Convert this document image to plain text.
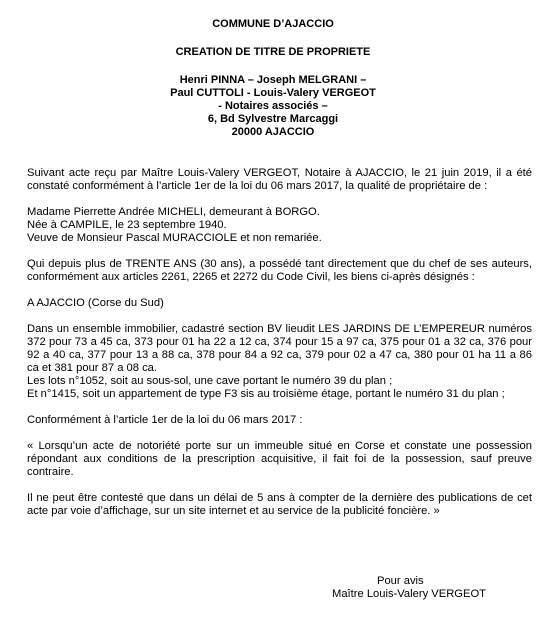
COMMUNE D’AJACCIO
CREATION DE TITRE DE PROPRIETE
Henri PINNA – Joseph MELGRANI –
Paul CUTTOLI - Louis-Valery VERGEOT
- Notaires associés –
6, Bd Sylvestre Marcaggi
20000 AJACCIO

Suivant acte reçu par Maître Louis-Valery VERGEOT, Notaire à AJACCIO, le 21 juin 2019, il a été constaté conformément à l’article 1er de la loi du 06 mars 2017, la qualité de propriétaire de :

Madame Pierrette Andrée MICHELI, demeurant à BORGO.

Née à CAMPILE, le 23 septembre 1940.

Veuve de Monsieur Pascal MURACCIOLE et non remariée.

Qui depuis plus de TRENTE ANS (30 ans), a possédé tant directement que du chef de ses auteurs, conformément aux articles 2261, 2265 et 2272 du Code Civil, les biens ci-après désignés :

A AJACCIO (Corse du Sud)

Dans un ensemble immobilier, cadastré section BV lieudit LES JARDINS DE L’EMPEREUR numéros 372 pour 73 a 45 ca, 373 pour 01 ha 22 a 12 ca, 374 pour 15 a 97 ca, 375 pour 01 a 32 ca, 376 pour 92 a 40 ca, 377 pour 13 a 88 ca, 378 pour 84 a 92 ca, 379 pour 02 a 47 ca, 380 pour 01 ha 11 a 86 ca et 381 pour 87 a 08 ca.

Les lots n°1052, soit au sous-sol, une cave portant le numéro 39 du plan ;

Et n°1415, soit un appartement de type F3 sis au troisième étage, portant le numéro 31 du plan ;

Conformément à l’article 1er de la loi du 06 mars 2017 :

« Lorsqu’un acte de notoriété porte sur un immeuble situé en Corse et constate une possession répondant aux conditions de la prescription acquisitive, il fait foi de la possession, sauf preuve contraire.

Il ne peut être contesté que dans un délai de 5 ans à compter de la dernière des publications de cet acte par voie d’affichage, sur un site internet et au service de la publicité foncière. »

Pour avis
Maître Louis-Valery VERGEOT
